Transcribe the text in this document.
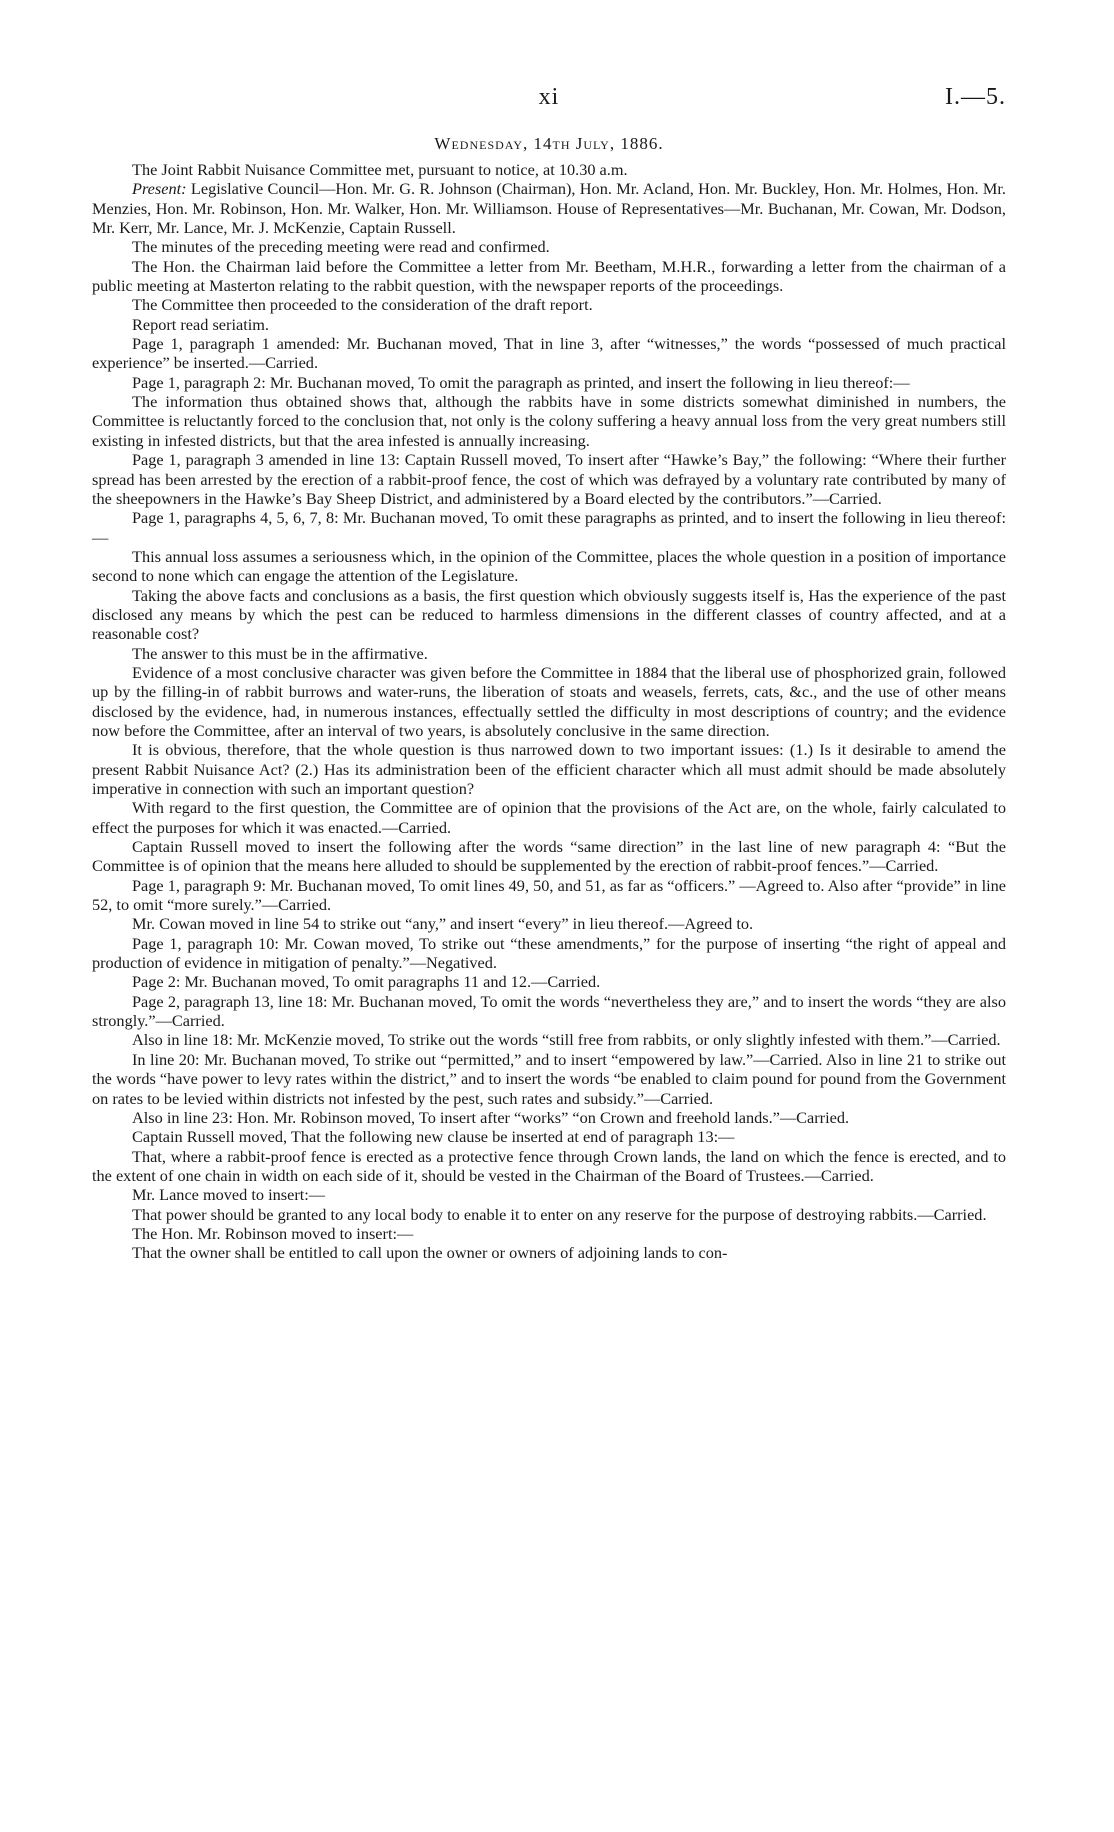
xi	I.—5.
Wednesday, 14th July, 1886.

The Joint Rabbit Nuisance Committee met, pursuant to notice, at 10.30 a.m.

Present: Legislative Council—Hon. Mr. G. R. Johnson (Chairman), Hon. Mr. Acland, Hon. Mr. Buckley, Hon. Mr. Holmes, Hon. Mr. Menzies, Hon. Mr. Robinson, Hon. Mr. Walker, Hon. Mr. Williamson. House of Representatives—Mr. Buchanan, Mr. Cowan, Mr. Dodson, Mr. Kerr, Mr. Lance, Mr. J. McKenzie, Captain Russell.

The minutes of the preceding meeting were read and confirmed.

The Hon. the Chairman laid before the Committee a letter from Mr. Beetham, M.H.R., forwarding a letter from the chairman of a public meeting at Masterton relating to the rabbit question, with the newspaper reports of the proceedings.

The Committee then proceeded to the consideration of the draft report.

Report read seriatim.

Page 1, paragraph 1 amended: Mr. Buchanan moved, That in line 3, after “witnesses,” the words “possessed of much practical experience” be inserted.—Carried.

Page 1, paragraph 2: Mr. Buchanan moved, To omit the paragraph as printed, and insert the following in lieu thereof:—

The information thus obtained shows that, although the rabbits have in some districts somewhat diminished in numbers, the Committee is reluctantly forced to the conclusion that, not only is the colony suffering a heavy annual loss from the very great numbers still existing in infested districts, but that the area infested is annually increasing.

Page 1, paragraph 3 amended in line 13: Captain Russell moved, To insert after “Hawke’s Bay,” the following: “Where their further spread has been arrested by the erection of a rabbit-proof fence, the cost of which was defrayed by a voluntary rate contributed by many of the sheepowners in the Hawke’s Bay Sheep District, and administered by a Board elected by the contributors.”—Carried.

Page 1, paragraphs 4, 5, 6, 7, 8: Mr. Buchanan moved, To omit these paragraphs as printed, and to insert the following in lieu thereof:—

This annual loss assumes a seriousness which, in the opinion of the Committee, places the whole question in a position of importance second to none which can engage the attention of the Legislature.

Taking the above facts and conclusions as a basis, the first question which obviously suggests itself is, Has the experience of the past disclosed any means by which the pest can be reduced to harmless dimensions in the different classes of country affected, and at a reasonable cost?

The answer to this must be in the affirmative.

Evidence of a most conclusive character was given before the Committee in 1884 that the liberal use of phosphorized grain, followed up by the filling-in of rabbit burrows and water-runs, the liberation of stoats and weasels, ferrets, cats, &c., and the use of other means disclosed by the evidence, had, in numerous instances, effectually settled the difficulty in most descriptions of country; and the evidence now before the Committee, after an interval of two years, is absolutely conclusive in the same direction.

It is obvious, therefore, that the whole question is thus narrowed down to two important issues: (1.) Is it desirable to amend the present Rabbit Nuisance Act? (2.) Has its administration been of the efficient character which all must admit should be made absolutely imperative in connection with such an important question?

With regard to the first question, the Committee are of opinion that the provisions of the Act are, on the whole, fairly calculated to effect the purposes for which it was enacted.—Carried.

Captain Russell moved to insert the following after the words “same direction” in the last line of new paragraph 4: “But the Committee is of opinion that the means here alluded to should be supplemented by the erection of rabbit-proof fences.”—Carried.

Page 1, paragraph 9: Mr. Buchanan moved, To omit lines 49, 50, and 51, as far as “officers.” —Agreed to. Also after “provide” in line 52, to omit “more surely.”—Carried.

Mr. Cowan moved in line 54 to strike out “any,” and insert “every” in lieu thereof.—Agreed to.

Page 1, paragraph 10: Mr. Cowan moved, To strike out “these amendments,” for the purpose of inserting “the right of appeal and production of evidence in mitigation of penalty.”—Negatived.

Page 2: Mr. Buchanan moved, To omit paragraphs 11 and 12.—Carried.

Page 2, paragraph 13, line 18: Mr. Buchanan moved, To omit the words “nevertheless they are,” and to insert the words “they are also strongly.”—Carried.

Also in line 18: Mr. McKenzie moved, To strike out the words “still free from rabbits, or only slightly infested with them.”—Carried.

In line 20: Mr. Buchanan moved, To strike out “permitted,” and to insert “empowered by law.”—Carried. Also in line 21 to strike out the words “have power to levy rates within the district,” and to insert the words “be enabled to claim pound for pound from the Government on rates to be levied within districts not infested by the pest, such rates and subsidy.”—Carried.

Also in line 23: Hon. Mr. Robinson moved, To insert after “works” “on Crown and freehold lands.”—Carried.

Captain Russell moved, That the following new clause be inserted at end of paragraph 13:—

That, where a rabbit-proof fence is erected as a protective fence through Crown lands, the land on which the fence is erected, and to the extent of one chain in width on each side of it, should be vested in the Chairman of the Board of Trustees.—Carried.

Mr. Lance moved to insert:—

That power should be granted to any local body to enable it to enter on any reserve for the purpose of destroying rabbits.—Carried.

The Hon. Mr. Robinson moved to insert:—

That the owner shall be entitled to call upon the owner or owners of adjoining lands to con-
